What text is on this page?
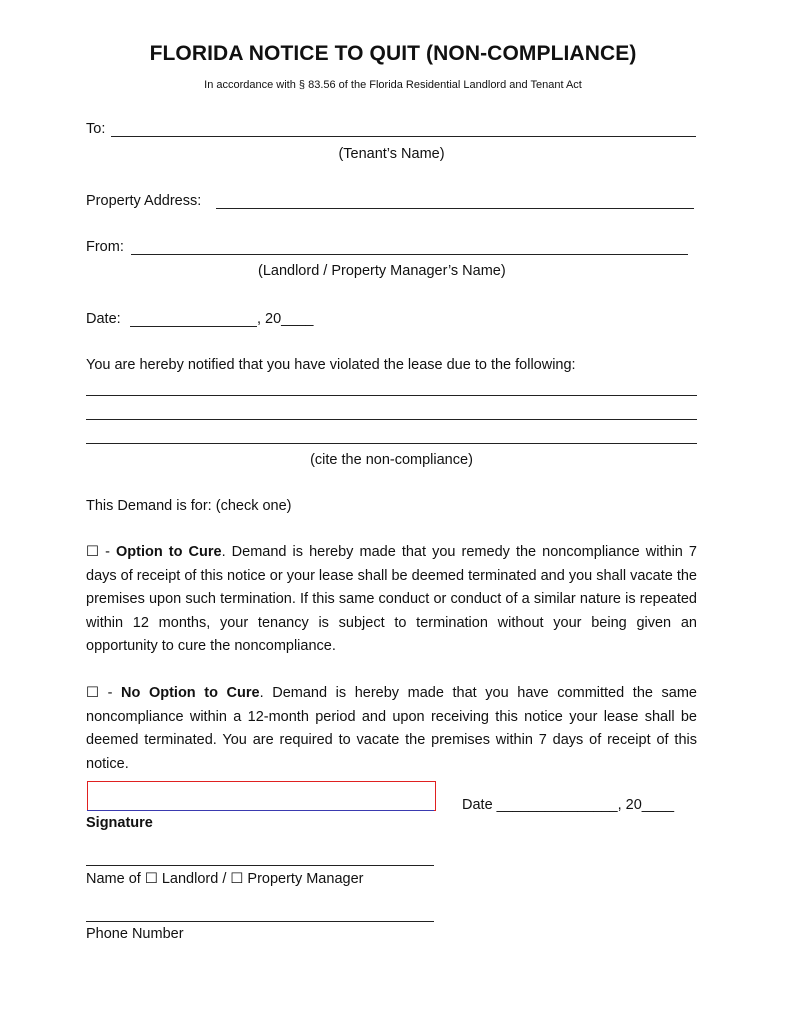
FLORIDA NOTICE TO QUIT (NON-COMPLIANCE)
In accordance with § 83.56 of the Florida Residential Landlord and Tenant Act
To:
(Tenant’s Name)
Property Address:
From:
(Landlord / Property Manager’s Name)
Date:	, 20____
You are hereby notified that you have violated the lease due to the following:
(cite the non-compliance)
This Demand is for: (check one)
☐ - Option to Cure. Demand is hereby made that you remedy the noncompliance within 7 days of receipt of this notice or your lease shall be deemed terminated and you shall vacate the premises upon such termination. If this same conduct or conduct of a similar nature is repeated within 12 months, your tenancy is subject to termination without your being given an opportunity to cure the noncompliance.
☐ - No Option to Cure. Demand is hereby made that you have committed the same noncompliance within a 12-month period and upon receiving this notice your lease shall be deemed terminated. You are required to vacate the premises within 7 days of receipt of this notice.
Date _______________, 20____
Signature
Name of ☐ Landlord / ☐ Property Manager
Phone Number
